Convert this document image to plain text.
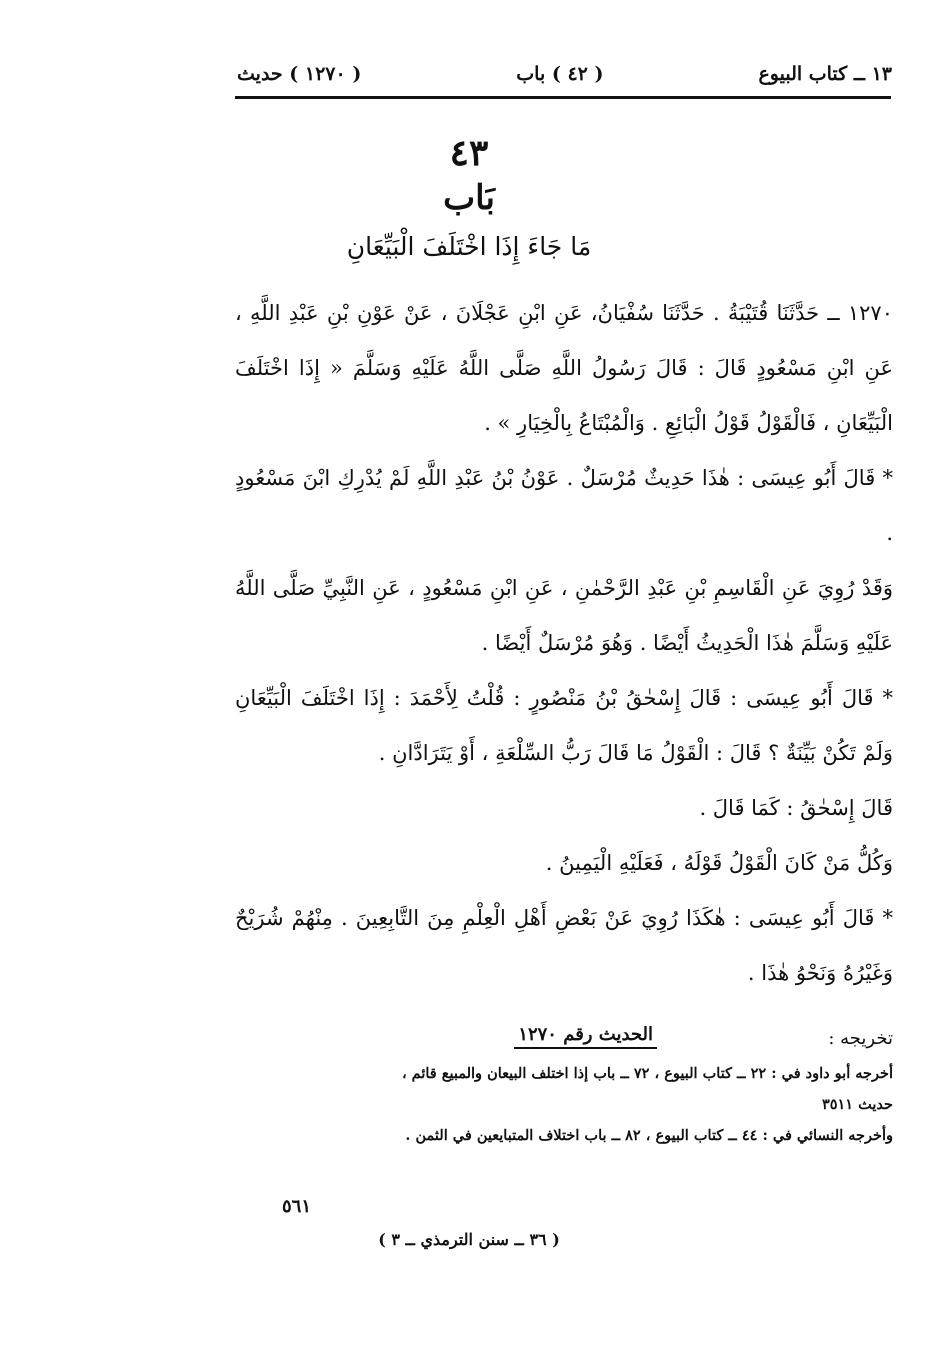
١٣ ــ كتاب البيوع
( ٤٢ ) باب
( ١٢٧٠ ) حديث
٤٣
بَاب
مَا جَاءَ إِذَا اخْتَلَفَ الْبَيِّعَانِ

١٢٧٠ ــ حَدَّثَنَا قُتَيْبَةُ . حَدَّثَنَا سُفْيَانُ، عَنِ ابْنِ عَجْلَانَ ، عَنْ عَوْنِ بْنِ عَبْدِ اللَّهِ ، عَنِ ابْنِ مَسْعُودٍ قَالَ : قَالَ رَسُولُ اللَّهِ صَلَّى اللَّهُ عَلَيْهِ وَسَلَّمَ « إِذَا اخْتَلَفَ الْبَيِّعَانِ ، فَالْقَوْلُ قَوْلُ الْبَائِعِ . وَالْمُبْتَاعُ بِالْخِيَارِ » .

* قَالَ أَبُو عِيسَى : هٰذَا حَدِيثٌ مُرْسَلٌ . عَوْنُ بْنُ عَبْدِ اللَّهِ لَمْ يُدْرِكِ ابْنَ مَسْعُودٍ .

وَقَدْ رُوِيَ عَنِ الْقَاسِمِ بْنِ عَبْدِ الرَّحْمٰنِ ، عَنِ ابْنِ مَسْعُودٍ ، عَنِ النَّبِيِّ صَلَّى اللَّهُ عَلَيْهِ وَسَلَّمَ هٰذَا الْحَدِيثُ أَيْضًا . وَهُوَ مُرْسَلٌ أَيْضًا .

* قَالَ أَبُو عِيسَى : قَالَ إِسْحٰقُ بْنُ مَنْصُورٍ : قُلْتُ لِأَحْمَدَ : إِذَا اخْتَلَفَ الْبَيِّعَانِ وَلَمْ تَكُنْ بَيِّنَةٌ ؟ قَالَ : الْقَوْلُ مَا قَالَ رَبُّ السِّلْعَةِ ، أَوْ يَتَرَادَّانِ .

قَالَ إِسْحٰقُ : كَمَا قَالَ .

وَكُلُّ مَنْ كَانَ الْقَوْلُ قَوْلَهُ ، فَعَلَيْهِ الْيَمِينُ .

* قَالَ أَبُو عِيسَى : هٰكَذَا رُوِيَ عَنْ بَعْضِ أَهْلِ الْعِلْمِ مِنَ التَّابِعِينَ . مِنْهُمْ شُرَيْحٌ وَغَيْرُهُ وَنَحْوُ هٰذَا .

تخريجه :
الحديث رقم ١٢٧٠
أخرجه أبو داود في : ٢٢ ــ كتاب البيوع ، ٧٢ ــ باب إذا اختلف البيعان والمبيع قائم ،
حديث ٣٥١١
وأخرجه النسائي في : ٤٤ ــ كتاب البيوع ، ٨٢ ــ باب اختلاف المتبايعين في الثمن .
٥٦١
( ٣٦ ــ سنن الترمذي ــ ٣ )
